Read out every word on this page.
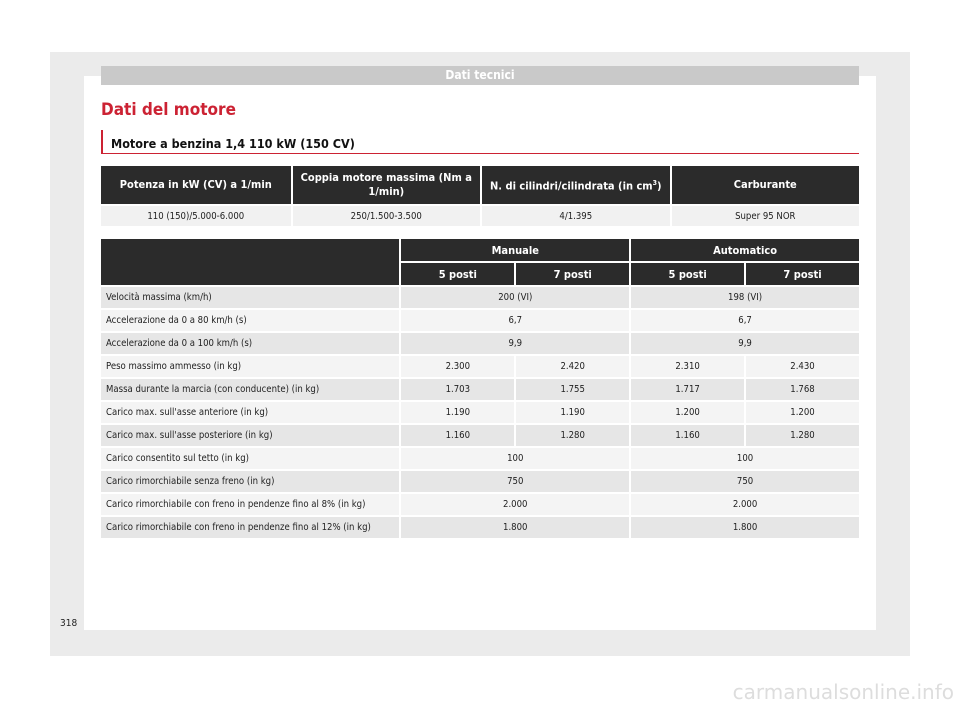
Dati tecnici
Dati del motore
Motore a benzina 1,4 110 kW (150 CV)
Potenza in kW (CV) a 1/min	Coppia motore massima (Nm a 1/min)	N. di cilindri/cilindrata (in $cm^3$)	Carburante
110 (150)/5.000-6.000	250/1.500-3.500	4/1.395	Super 95 NOR
	Manuale		Automatico	
	5 posti	7 posti	5 posti	7 posti
Velocità massima (km/h)	200 (VI)		198 (VI)	
Accelerazione da 0 a 80 km/h (s)	6,7		6,7	
Accelerazione da 0 a 100 km/h (s)	9,9		9,9	
Peso massimo ammesso (in kg)	2.300	2.420	2.310	2.430
Massa durante la marcia (con conducente) (in kg)	1.703	1.755	1.717	1.768
Carico max. sull'asse anteriore (in kg)	1.190	1.190	1.200	1.200
Carico max. sull'asse posteriore (in kg)	1.160	1.280	1.160	1.280
Carico consentito sul tetto (in kg)	100		100	
Carico rimorchiabile senza freno (in kg)	750		750	
Carico rimorchiabile con freno in pendenze fino al 8% (in kg)	2.000		2.000	
Carico rimorchiabile con freno in pendenze fino al 12% (in kg)	1.800		1.800	
318
carmanualsonline.info
